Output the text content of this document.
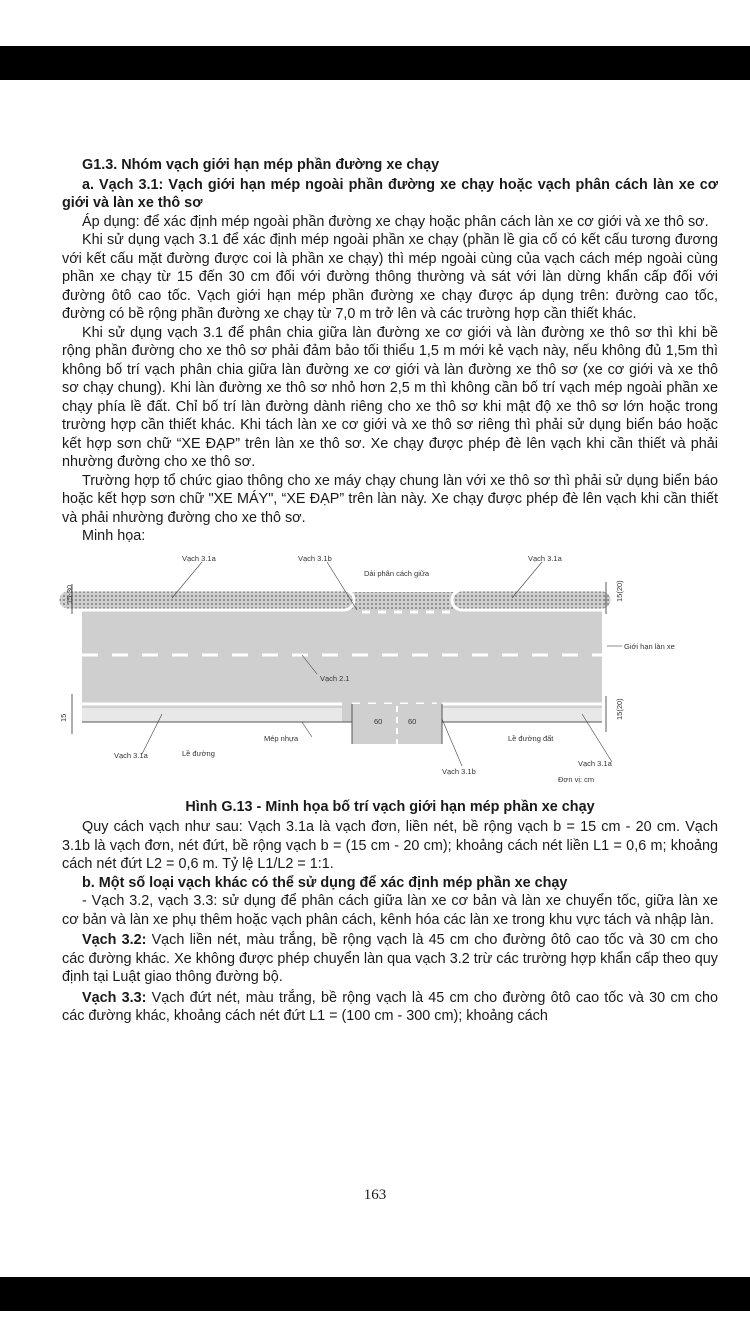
G1.3. Nhóm vạch giới hạn mép phần đường xe chạy

a. Vạch 3.1: Vạch giới hạn mép ngoài phần đường xe chạy hoặc vạch phân cách làn xe cơ giới và làn xe thô sơ

Áp dụng: để xác định mép ngoài phần đường xe chạy hoặc phân cách làn xe cơ giới và xe thô sơ.

Khi sử dụng vạch 3.1 để xác định mép ngoài phần xe chạy (phần lề gia cố có kết cấu tương đương với kết cấu mặt đường được coi là phần xe chạy) thì mép ngoài cùng của vạch cách mép ngoài cùng phần xe chạy từ 15 đến 30 cm đối với đường thông thường và sát với làn dừng khẩn cấp đối với đường ôtô cao tốc. Vạch giới hạn mép phần đường xe chạy được áp dụng trên: đường cao tốc, đường có bề rộng phần đường xe chạy từ 7,0 m trở lên và các trường hợp cần thiết khác.

Khi sử dụng vạch 3.1 để phân chia giữa làn đường xe cơ giới và làn đường xe thô sơ thì khi bề rộng phần đường cho xe thô sơ phải đảm bảo tối thiểu 1,5 m mới kẻ vạch này, nếu không đủ 1,5m thì không bố trí vạch phân chia giữa làn đường xe cơ giới và làn đường xe thô sơ (xe cơ giới và xe thô sơ chạy chung). Khi làn đường xe thô sơ nhỏ hơn 2,5 m thì không cần bố trí vạch mép ngoài phần xe chạy phía lề đất. Chỉ bố trí làn đường dành riêng cho xe thô sơ khi mật độ xe thô sơ lớn hoặc trong trường hợp cần thiết khác. Khi tách làn xe cơ giới và xe thô sơ riêng thì phải sử dụng biển báo hoặc kết hợp sơn chữ “XE ĐẠP” trên làn xe thô sơ. Xe chạy được phép đè lên vạch khi cần thiết và phải nhường đường cho xe thô sơ.

Trường hợp tổ chức giao thông cho xe máy chạy chung làn với xe thô sơ thì phải sử dụng biển báo hoặc kết hợp sơn chữ "XE MÁY", “XE ĐẠP” trên làn này. Xe chạy được phép đè lên vạch khi cần thiết và phải nhường đường cho xe thô sơ.

Minh họa:

Vạch 3.1a	Vạch 3.1b	Vạch 3.1a
Dải phân cách giữa
15-30	15(20)
Giới hạn làn xe
Vạch 2.1
60	60
15	15(20)
Vạch 3.1a	Lề đường
Mép nhựa	Lề đường đất
Vạch 3.1b
Vạch 3.1a
Đơn vị: cm
Hình G.13 - Minh họa bố trí vạch giới hạn mép phần xe chạy

Quy cách vạch như sau: Vạch 3.1a là vạch đơn, liền nét, bề rộng vạch b = 15 cm - 20 cm. Vạch 3.1b là vạch đơn, nét đứt, bề rộng vạch b = (15 cm - 20 cm); khoảng cách nét liền L1 = 0,6 m; khoảng cách nét đứt L2 = 0,6 m. Tỷ lệ L1/L2 = 1:1.

b. Một số loại vạch khác có thể sử dụng để xác định mép phần xe chạy

- Vạch 3.2, vạch 3.3: sử dụng để phân cách giữa làn xe cơ bản và làn xe chuyển tốc, giữa làn xe cơ bản và làn xe phụ thêm hoặc vạch phân cách, kênh hóa các làn xe trong khu vực tách và nhập làn.

Vạch 3.2: Vạch liền nét, màu trắng, bề rộng vạch là 45 cm cho đường ôtô cao tốc và 30 cm cho các đường khác. Xe không được phép chuyển làn qua vạch 3.2 trừ các trường hợp khẩn cấp theo quy định tại Luật giao thông đường bộ.

Vạch 3.3: Vạch đứt nét, màu trắng, bề rộng vạch là 45 cm cho đường ôtô cao tốc và 30 cm cho các đường khác, khoảng cách nét đứt L1 = (100 cm - 300 cm); khoảng cách

163
